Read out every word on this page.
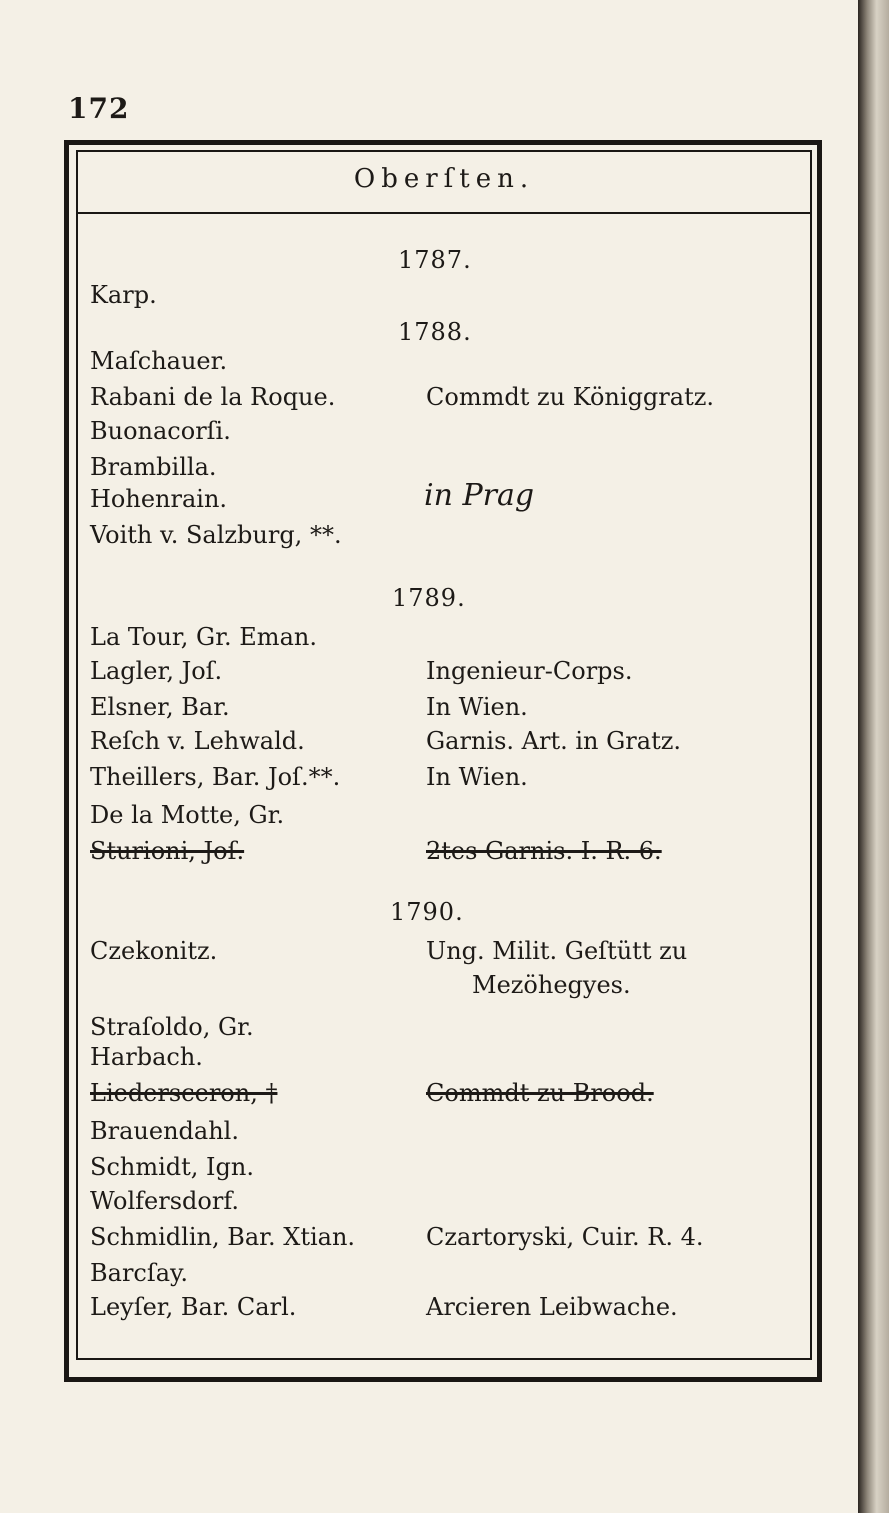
172
Oberſten.
1787.
Karp.
1788.
Maſchauer.
Rabani de la Roque.	Commdt zu Königgratz.
Buonacorſi.
Brambilla.
Hohenrain.	in Prag
Voith v. Salzburg, **.
1789.
La Tour, Gr. Eman.
Lagler, Joſ.	Ingenieur-Corps.
Elsner, Bar.	In Wien.
Reſch v. Lehwald.	Garnis. Art. in Gratz.
Theillers, Bar. Joſ.**.	In Wien.
De la Motte, Gr.
Sturioni, Joſ.	2tes Garnis. I. R. 6.
1790.
Czekonitz.	Ung. Milit. Geſtütt zu
Mezöhegyes.
Straſoldo, Gr.
Harbach.
Liedersceron, †	Commdt zu Brood.
Brauendahl.
Schmidt, Ign.
Wolfersdorf.
Schmidlin, Bar. Xtian.	Czartoryski, Cuir. R. 4.
Barcſay.
Leyſer, Bar. Carl.	Arcieren Leibwache.
